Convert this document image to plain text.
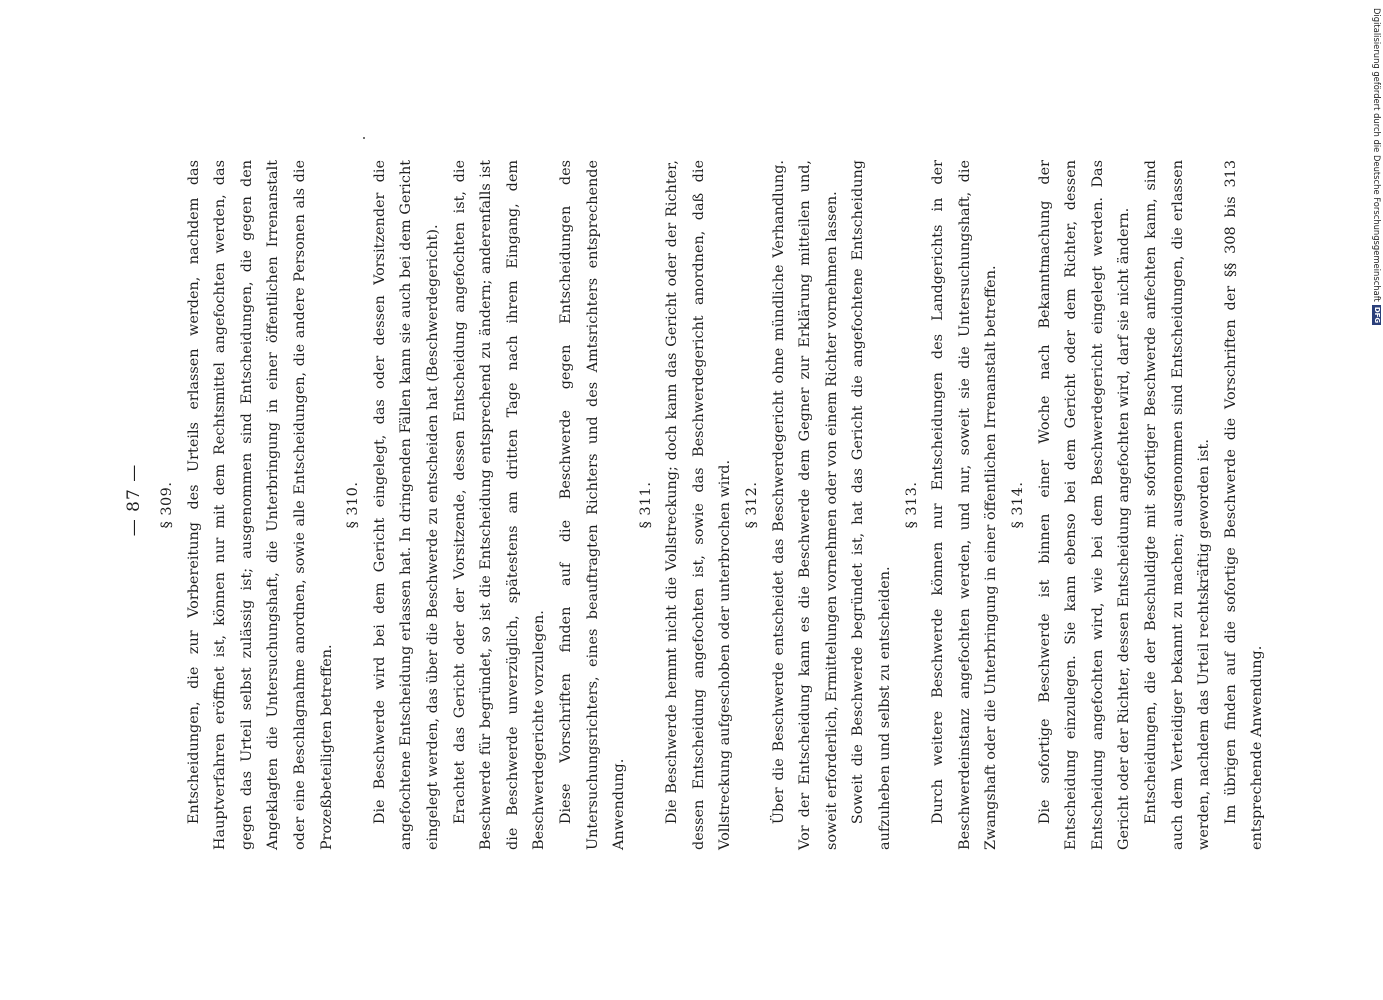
— 87 —	§ 309. Entscheidungen, die zur Vorbereitung des Urteils erlassen werden, nachdem das Hauptverfahren eröffnet ist, können nur mit dem Rechtsmittel angefochten werden, das gegen das Urteil selbst zulässig ist; ausgenommen sind Entscheidungen, die gegen den Angeklagten die Untersuchungshaft, die Unterbringung in einer öffentlichen Irrenanstalt oder eine Beschlagnahme anordnen, sowie alle Entscheidungen, die andere Personen als die Prozeßbeteiligten betreffen.

§ 310. Die Beschwerde wird bei dem Gericht eingelegt, das oder dessen Vorsitzender die angefochtene Entscheidung erlassen hat. In dringenden Fällen kann sie auch bei dem Gericht eingelegt werden, das über die Beschwerde zu entscheiden hat (Beschwerdegericht). Erachtet das Gericht oder der Vorsitzende, dessen Entscheidung angefochten ist, die Beschwerde für begründet, so ist die Entscheidung entsprechend zu ändern; anderenfalls ist die Beschwerde unverzüglich, spätestens am dritten Tage nach ihrem Eingang, dem Beschwerdegerichte vorzulegen. Diese Vorschriften finden auf die Beschwerde gegen Entscheidungen des Untersuchungsrichters, eines beauftragten Richters und des Amtsrichters entsprechende Anwendung.

§ 311. Die Beschwerde hemmt nicht die Vollstreckung; doch kann das Gericht oder der Richter, dessen Entscheidung angefochten ist, sowie das Beschwerdegericht anordnen, daß die Vollstreckung aufgeschoben oder unterbrochen wird. § 312. Über die Beschwerde entscheidet das Beschwerdegericht ohne mündliche Verhandlung. Vor der Entscheidung kann es die Beschwerde dem Gegner zur Erklärung mitteilen und, soweit erforderlich, Ermittelungen vornehmen oder von einem Richter vornehmen lassen. Soweit die Beschwerde begründet ist, hat das Gericht die angefochtene Entscheidung aufzuheben und selbst zu entscheiden.

§ 313. Durch weitere Beschwerde können nur Entscheidungen des Landgerichts in der Beschwerdeinstanz angefochten werden, und nur, soweit sie die Untersuchungshaft, die Zwangshaft oder die Unterbringung in einer öffentlichen Irrenanstalt betreffen. § 314. Die sofortige Beschwerde ist binnen einer Woche nach Bekanntmachung der Entscheidung einzulegen. Sie kann ebenso bei dem Gericht oder dem Richter, dessen Entscheidung angefochten wird, wie bei dem Beschwerdegericht eingelegt werden. Das Gericht oder der Richter, dessen Entscheidung angefochten wird, darf sie nicht ändern. Entscheidungen, die der Beschuldigte mit sofortiger Beschwerde anfechten kann, sind auch dem Verteidiger bekannt zu machen; ausgenommen sind Entscheidungen, die erlassen werden, nachdem das Urteil rechtskräftig geworden ist. Im übrigen finden auf die sofortige Beschwerde die Vorschriften der §§ 308 bis 313 entsprechende Anwendung.

Digitalisierung gefördert durch die Deutsche Forschungsgemeinschaft
DFG
